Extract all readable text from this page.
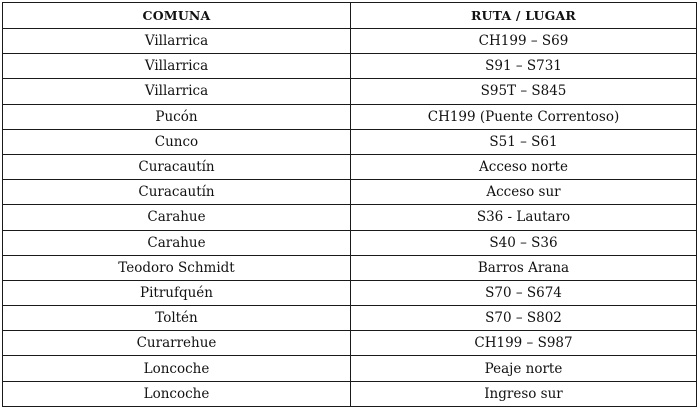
COMUNA	RUTA / LUGAR
Villarrica	CH199 – S69
Villarrica	S91 – S731
Villarrica	S95T – S845
Pucón	CH199 (Puente Correntoso)
Cunco	S51 – S61
Curacautín	Acceso norte
Curacautín	Acceso sur
Carahue	S36 - Lautaro
Carahue	S40 – S36
Teodoro Schmidt	Barros Arana
Pitrufquén	S70 – S674
Toltén	S70 – S802
Curarrehue	CH199 – S987
Loncoche	Peaje norte
Loncoche	Ingreso sur
